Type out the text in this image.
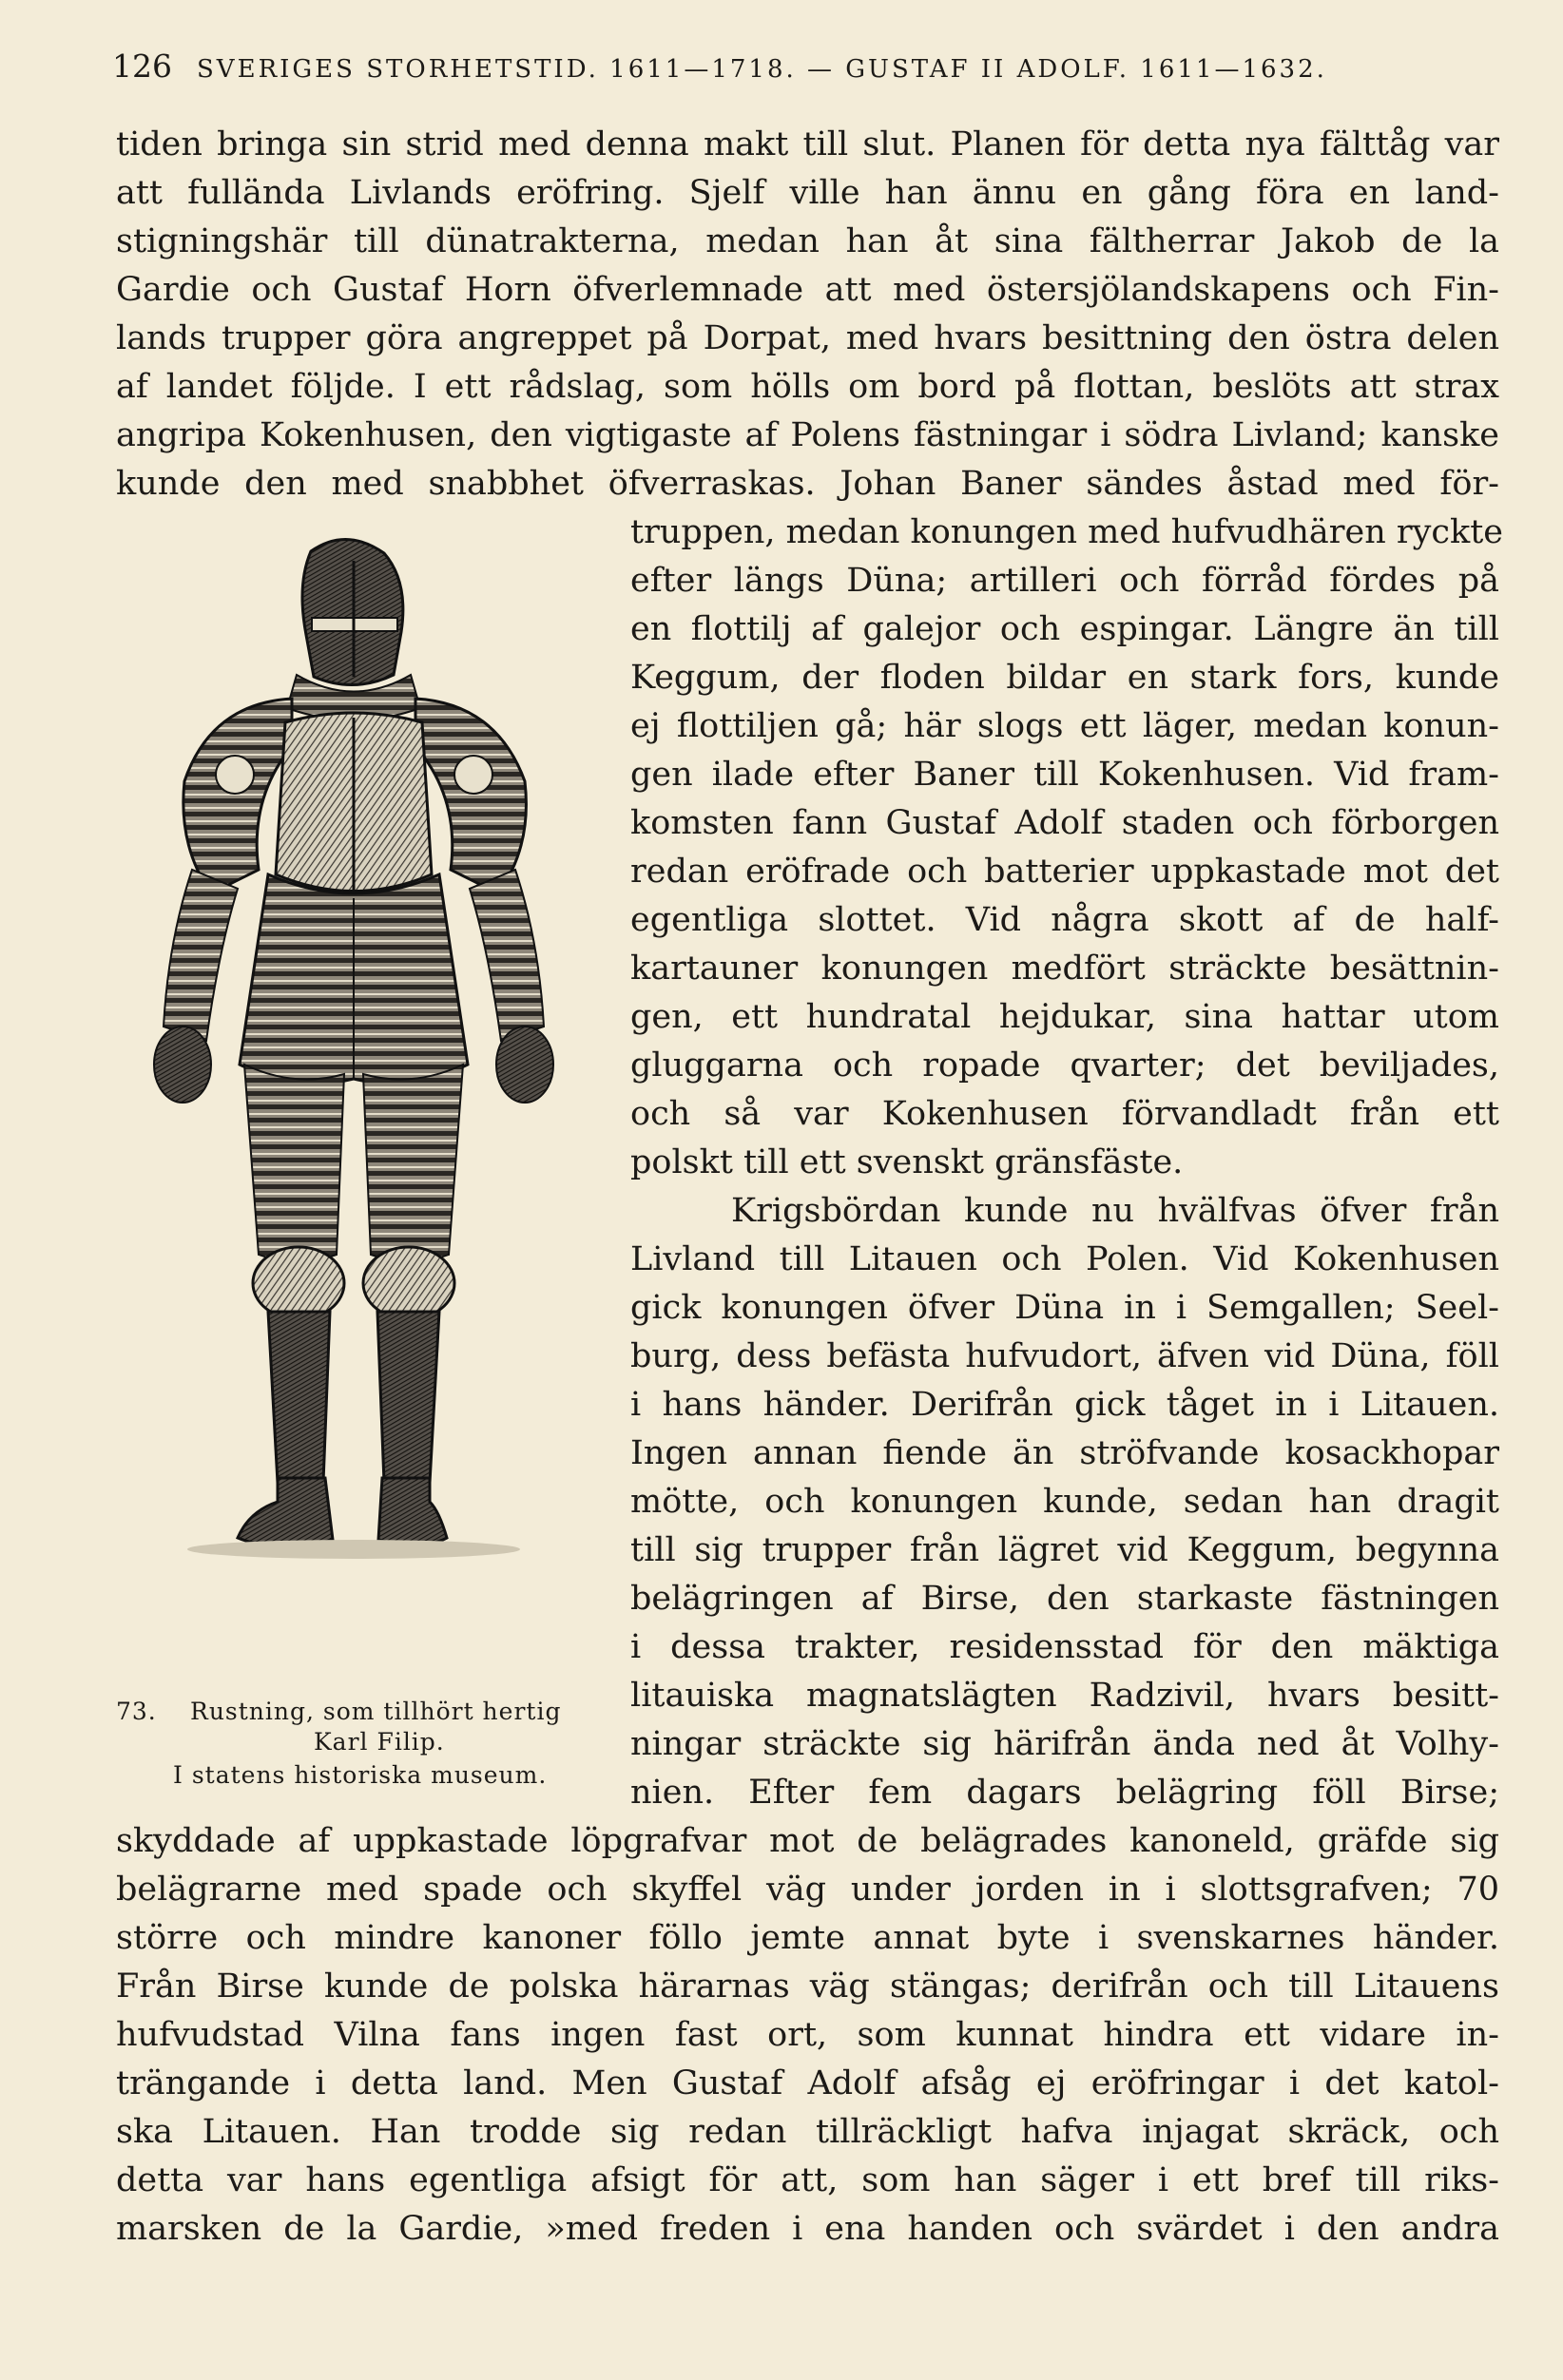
126 SVERIGES STORHETSTID. 1611—1718. — GUSTAF II ADOLF. 1611—1632.
tiden bringa sin strid med denna makt till slut. Planen för detta nya fälttåg var
att fullända Livlands eröfring. Sjelf ville han ännu en gång föra en land-
stigningshär till dünatrakterna, medan han åt sina fältherrar Jakob de la
Gardie och Gustaf Horn öfverlemnade att med östersjölandskapens och Fin-
lands trupper göra angreppet på Dorpat, med hvars besittning den östra delen
af landet följde. I ett rådslag, som hölls om bord på flottan, beslöts att strax
angripa Kokenhusen, den vigtigaste af Polens fästningar i södra Livland; kanske
kunde den med snabbhet öfverraskas. Johan Baner sändes åstad med för-
truppen, medan konungen med hufvudhären ryckte
efter längs Düna; artilleri och förråd fördes på
en flottilj af galejor och espingar. Längre än till
Keggum, der floden bildar en stark fors, kunde
ej flottiljen gå; här slogs ett läger, medan konun-
gen ilade efter Baner till Kokenhusen. Vid fram-
komsten fann Gustaf Adolf staden och förborgen
redan eröfrade och batterier uppkastade mot det
egentliga slottet. Vid några skott af de half-
kartauner konungen medfört sträckte besättnin-
gen, ett hundratal hejdukar, sina hattar utom
gluggarna och ropade qvarter; det beviljades,
och så var Kokenhusen förvandladt från ett
polskt till ett svenskt gränsfäste.
Krigsbördan kunde nu hvälfvas öfver från
Livland till Litauen och Polen. Vid Kokenhusen
gick konungen öfver Düna in i Semgallen; Seel-
burg, dess befästa hufvudort, äfven vid Düna, föll
i hans händer. Derifrån gick tåget in i Litauen.
Ingen annan fiende än ströfvande kosackhopar
mötte, och konungen kunde, sedan han dragit
till sig trupper från lägret vid Keggum, begynna
belägringen af Birse, den starkaste fästningen
i dessa trakter, residensstad för den mäktiga
litauiska magnatslägten Radzivil, hvars besitt-
ningar sträckte sig härifrån ända ned åt Volhy-
nien. Efter fem dagars belägring föll Birse;
skyddade af uppkastade löpgrafvar mot de belägrades kanoneld, gräfde sig
belägrarne med spade och skyffel väg under jorden in i slottsgrafven; 70
större och mindre kanoner föllo jemte annat byte i svenskarnes händer.
Från Birse kunde de polska härarnas väg stängas; derifrån och till Litauens
hufvudstad Vilna fans ingen fast ort, som kunnat hindra ett vidare in-
trängande i detta land. Men Gustaf Adolf afsåg ej eröfringar i det katol-
ska Litauen. Han trodde sig redan tillräckligt hafva injagat skräck, och
detta var hans egentliga afsigt för att, som han säger i ett bref till riks-
marsken de la Gardie, »med freden i ena handen och svärdet i den andra
73. Rustning, som tillhört hertig
Karl Filip.
I statens historiska museum.
